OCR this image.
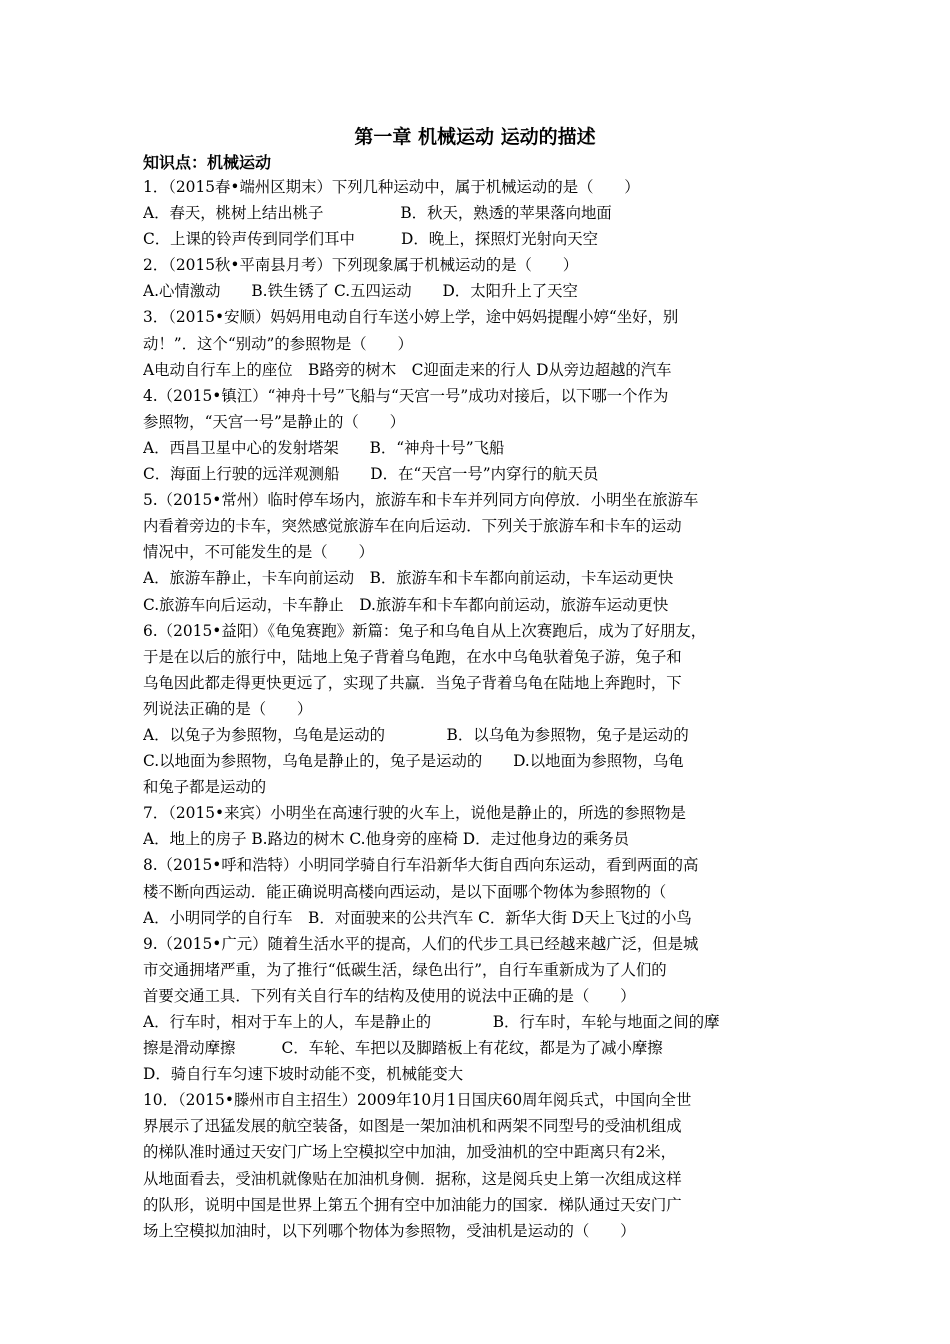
第一章 机械运动 运动的描述
知识点：机械运动
1．（2015春•端州区期末）下列几种运动中，属于机械运动的是（　　）
A．春天，桃树上结出桃子　　　　　B．秋天，熟透的苹果落向地面
C．上课的铃声传到同学们耳中　　　D．晚上，探照灯光射向天空
2．（2015秋•平南县月考）下列现象属于机械运动的是（　　）
A.心情激动　　B.铁生锈了 C.五四运动　　D．太阳升上了天空
3．（2015•安顺）妈妈用电动自行车送小婷上学，途中妈妈提醒小婷“坐好，别
动！”．这个“别动”的参照物是（　　）
A电动自行车上的座位　B路旁的树木　C迎面走来的行人 D从旁边超越的汽车
4.（2015•镇江）“神舟十号”飞船与“天宫一号”成功对接后，以下哪一个作为
参照物，“天宫一号”是静止的（　　）
A．西昌卫星中心的发射塔架　　B．“神舟十号”飞船
C．海面上行驶的远洋观测船　　D．在“天宫一号”内穿行的航天员
5.（2015•常州）临时停车场内，旅游车和卡车并列同方向停放．小明坐在旅游车
内看着旁边的卡车，突然感觉旅游车在向后运动．下列关于旅游车和卡车的运动
情况中，不可能发生的是（　　）
A．旅游车静止，卡车向前运动　B．旅游车和卡车都向前运动，卡车运动更快
C.旅游车向后运动，卡车静止　D.旅游车和卡车都向前运动，旅游车运动更快
6.（2015•益阳）《龟兔赛跑》新篇：兔子和乌龟自从上次赛跑后，成为了好朋友，
于是在以后的旅行中，陆地上兔子背着乌龟跑，在水中乌龟驮着兔子游，兔子和
乌龟因此都走得更快更远了，实现了共赢．当兔子背着乌龟在陆地上奔跑时，下
列说法正确的是（　　）
A．以兔子为参照物，乌龟是运动的　　　　B．以乌龟为参照物，兔子是运动的
C.以地面为参照物，乌龟是静止的，兔子是运动的　　D.以地面为参照物，乌龟
和兔子都是运动的
7．（2015•来宾）小明坐在高速行驶的火车上，说他是静止的，所选的参照物是
A．地上的房子 B.路边的树木 C.他身旁的座椅 D．走过他身边的乘务员
8.（2015•呼和浩特）小明同学骑自行车沿新华大街自西向东运动，看到两面的高
楼不断向西运动．能正确说明高楼向西运动，是以下面哪个物体为参照物的（
A．小明同学的自行车　B．对面驶来的公共汽车 C．新华大街 D天上飞过的小鸟
9.（2015•广元）随着生活水平的提高，人们的代步工具已经越来越广泛，但是城
市交通拥堵严重，为了推行“低碳生活，绿色出行”，自行车重新成为了人们的
首要交通工具．下列有关自行车的结构及使用的说法中正确的是（　　）
A．行车时，相对于车上的人，车是静止的　　　　B．行车时，车轮与地面之间的摩
擦是滑动摩擦　　　C．车轮、车把以及脚踏板上有花纹，都是为了减小摩擦
D．骑自行车匀速下坡时动能不变，机械能变大
10．（2015•滕州市自主招生）2009年10月1日国庆60周年阅兵式，中国向全世
界展示了迅猛发展的航空装备，如图是一架加油机和两架不同型号的受油机组成
的梯队准时通过天安门广场上空模拟空中加油，加受油机的空中距离只有2米，
从地面看去，受油机就像贴在加油机身侧．据称，这是阅兵史上第一次组成这样
的队形，说明中国是世界上第五个拥有空中加油能力的国家．梯队通过天安门广
场上空模拟加油时，以下列哪个物体为参照物，受油机是运动的（　　）
